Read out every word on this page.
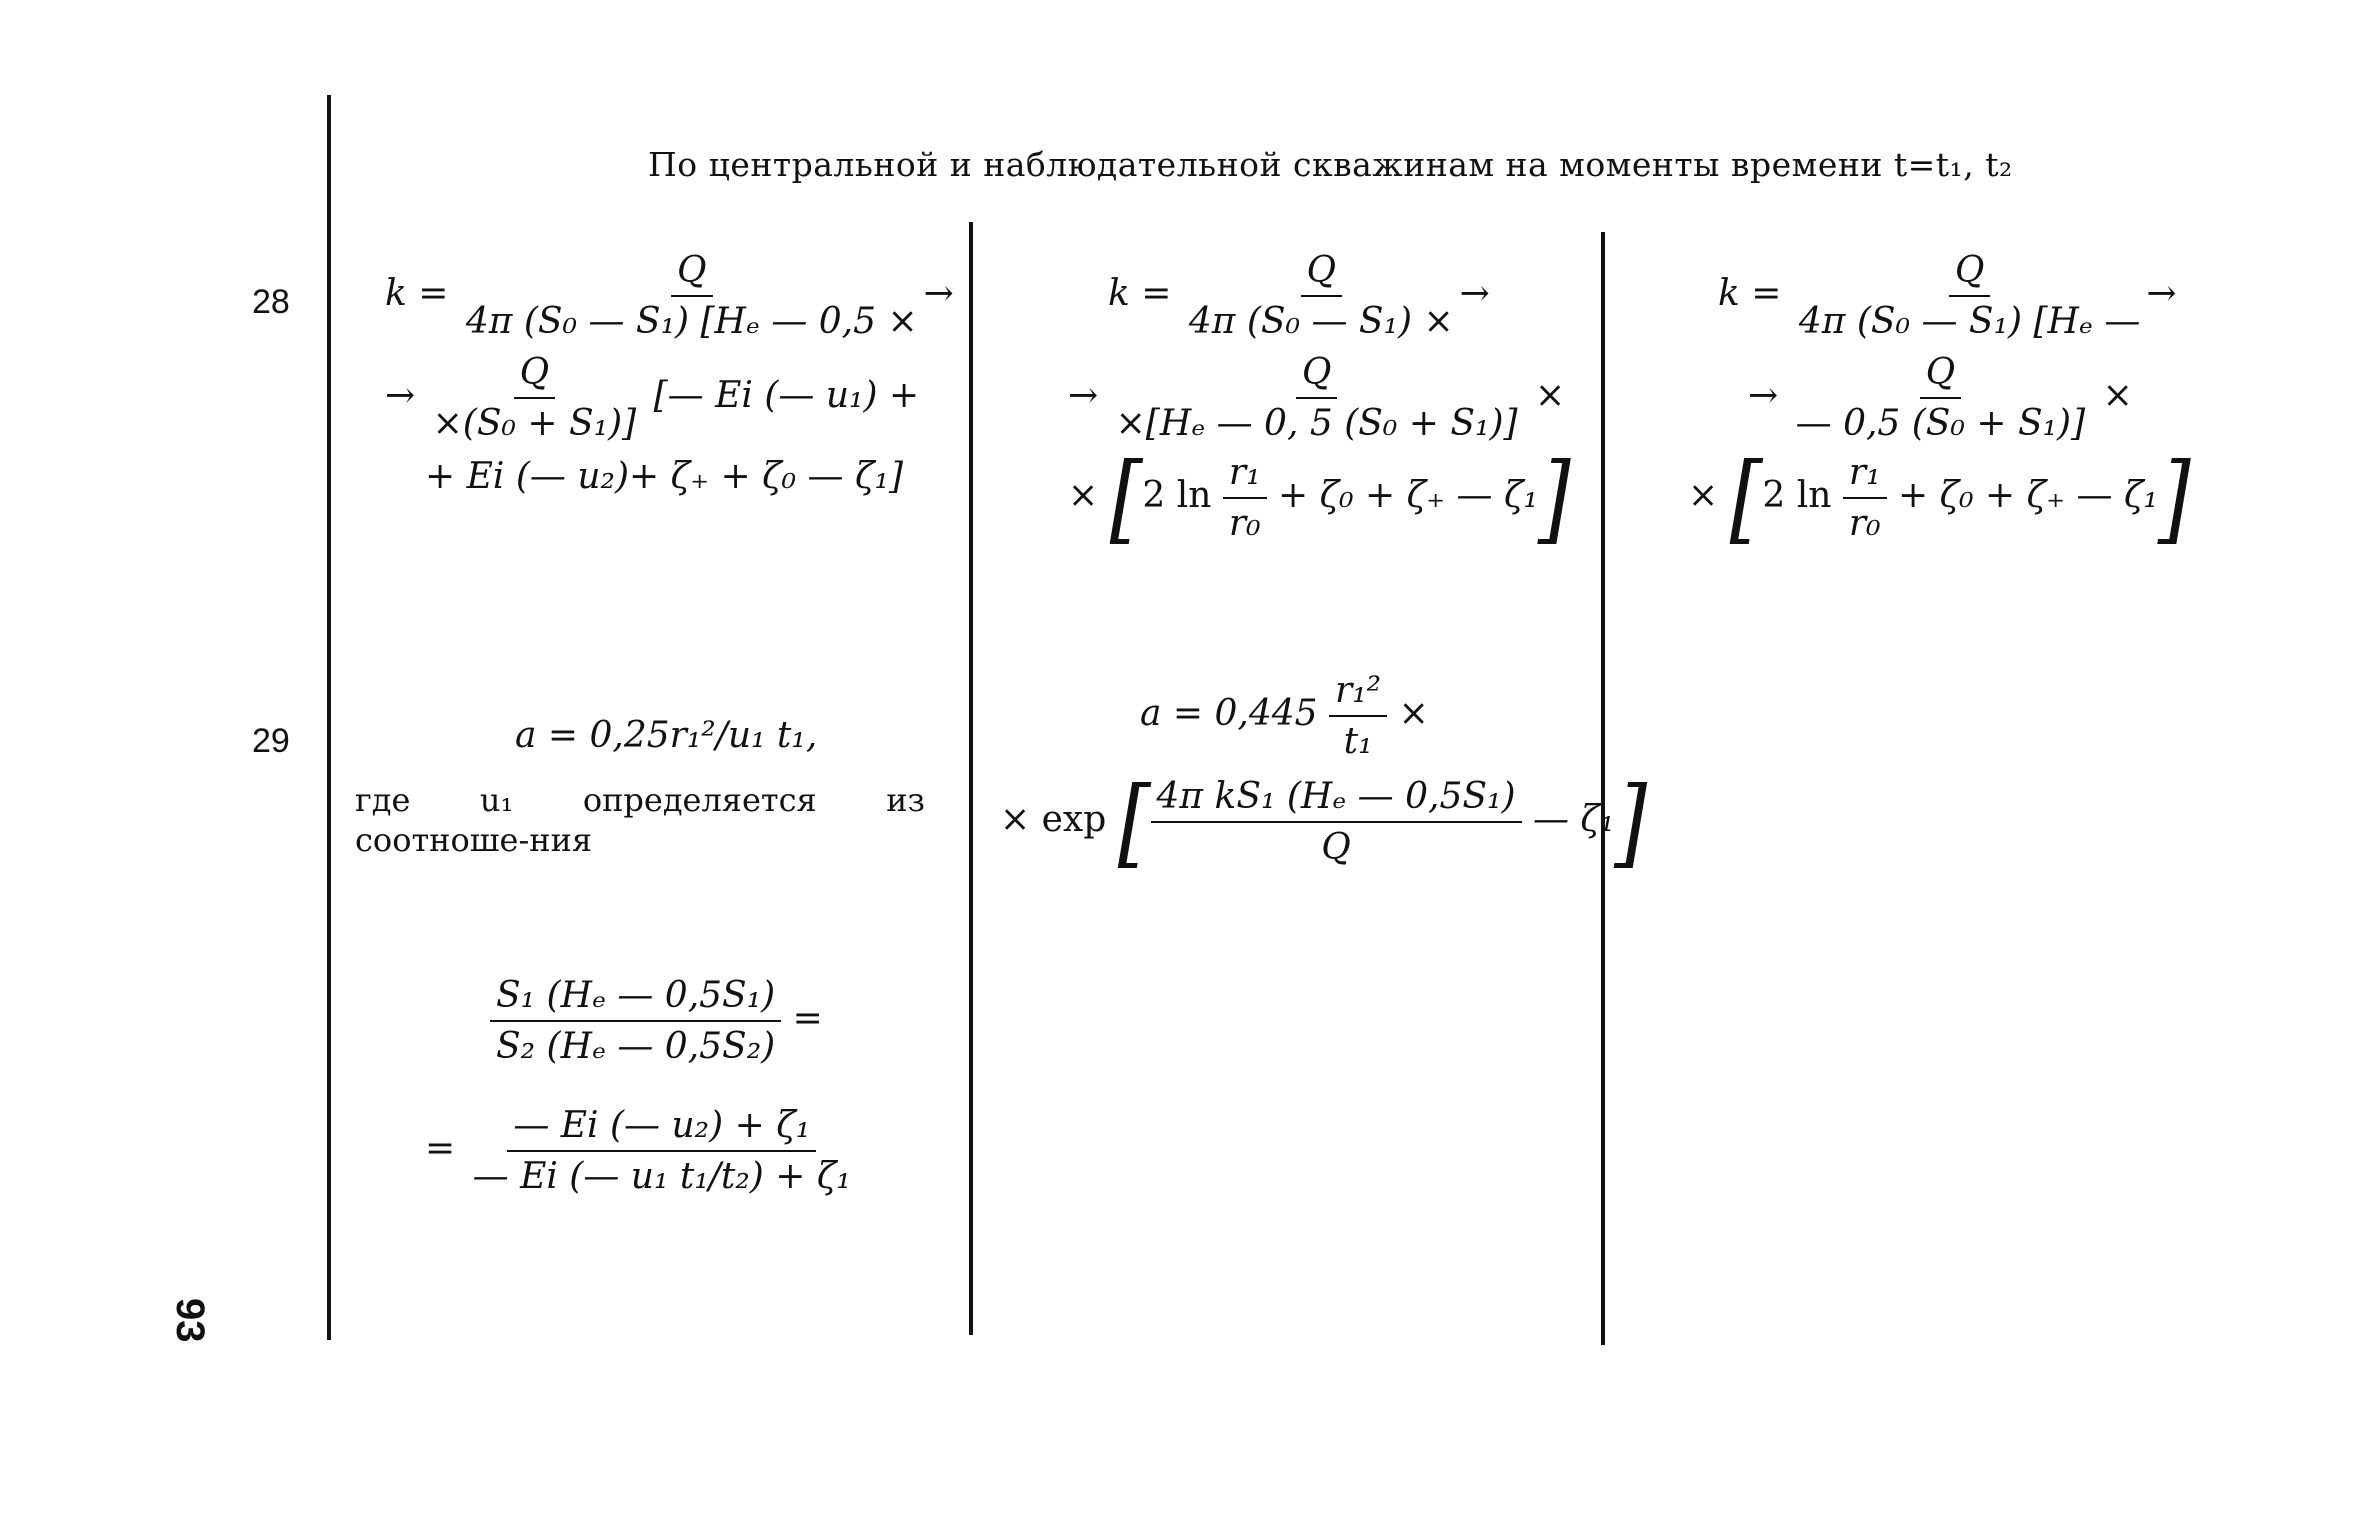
По центральной и наблюдательной скважинам на моменты времени t=t₁, t₂
93
28	$k = \frac{Q}{\text{4π (S₀ — S₁) [Hₑ — 0,5 ×}}$ →
→ $\frac{Q}{\text{×(S₀ + S₁)]}}$ [— Ei (— u₁) +
+ Ei (— u₂)+ ζ₊ + ζ₀ — ζ₁]
$k = \frac{Q}{\text{4π (S₀ — S₁) ×}}$ →
→ $\frac{Q}{\text{×[Hₑ — 0, 5 (S₀ + S₁)]}}$ ×
× [2 $\ln \frac{\text{r₁}}{\text{r₀}} + \zeta_0 + \zeta_+$ — ζ₁]
$k = \frac{Q}{\text{4π (S₀ — S₁) [Hₑ —}}$ →
→ $\frac{Q}{\text{— 0,5 (S₀ + S₁)]}}$ ×
× [2 $\ln \frac{\text{r₁}}{\text{r₀}} + \zeta_0 + \zeta_+$ — ζ₁]
29	a = 0,25r₁²/u₁ t₁,
где u₁ определяется из соотноше-ния
$\frac{\text{S₁ (Hₑ — 0,5S₁)}}{\text{S₂ (Hₑ — 0,5S₂)}}$ =
= $\frac{\text{— Ei (— u₂) + ζ₁}}{\text{— Ei (— u₁ t₁/t₂) + ζ₁}}$
$a = 0,445 \frac{\text{r₁²}}{\text{t₁}}$ ×
× exp [ $\frac{\text{4π kS₁ (Hₑ — 0,5S₁)}}{Q}$ — ζ₁]
